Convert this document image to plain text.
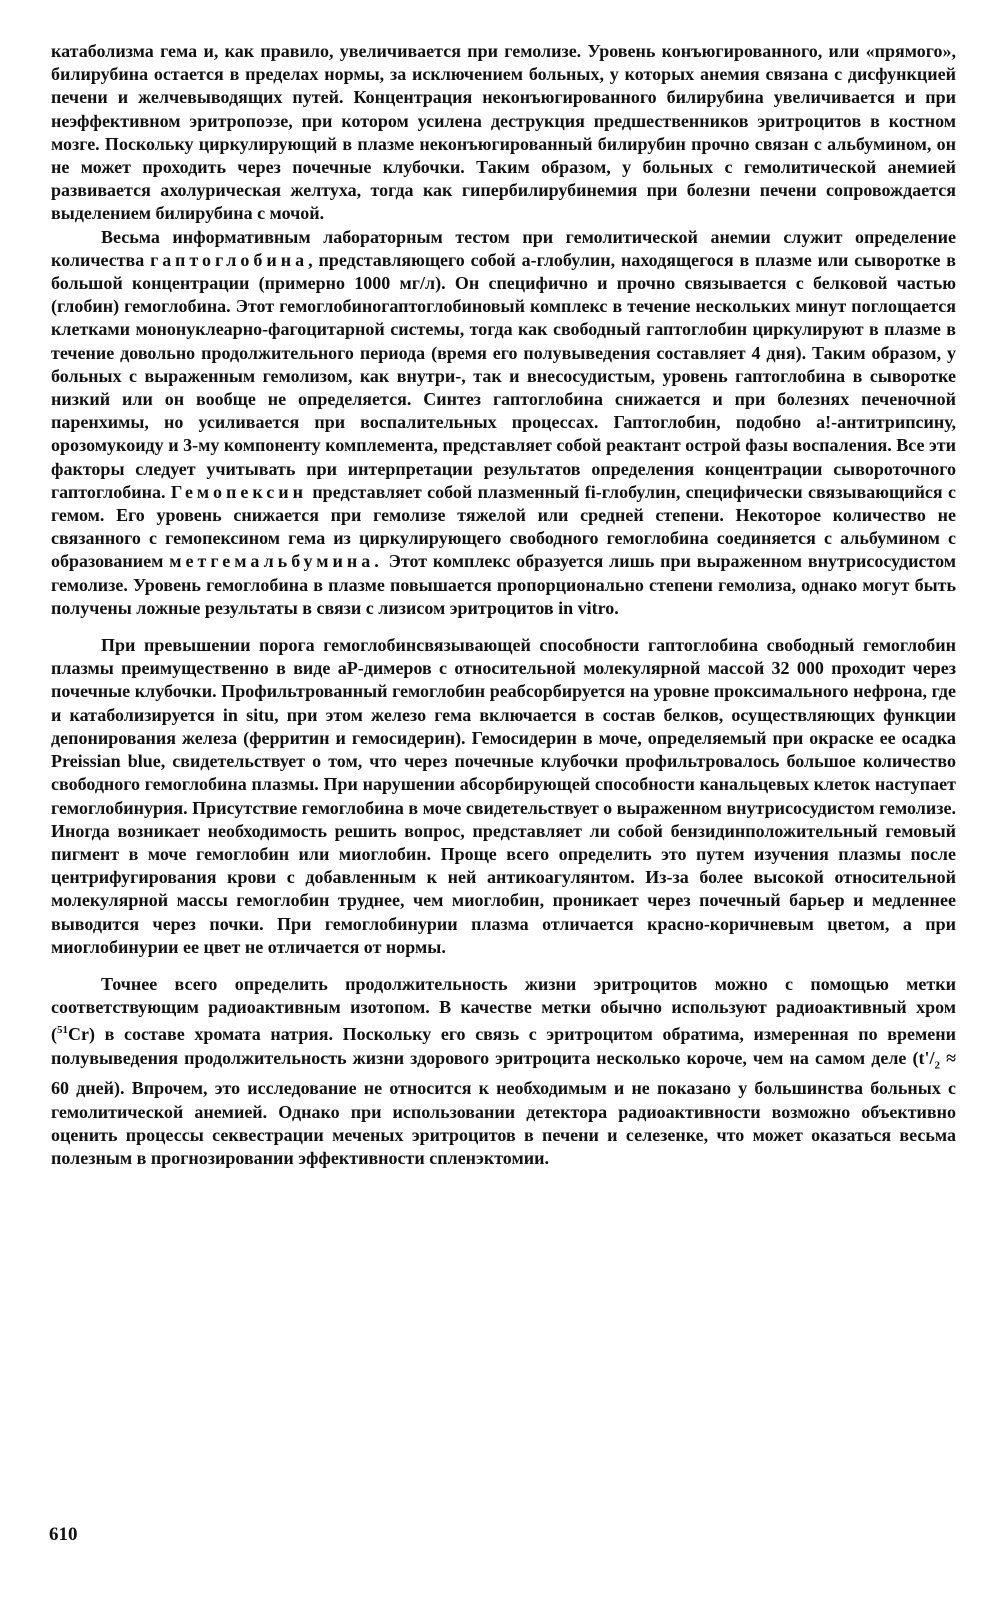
катаболизма гема и, как правило, увеличивается при гемолизе. Уровень конъюгированного, или «прямого», билирубина остается в пределах нормы, за исключением больных, у которых анемия связана с дисфункцией печени и желчевыводящих путей. Концентрация неконъюгированного билирубина увеличивается и при неэффективном эритропоэзе, при котором усилена деструкция предшественников эритроцитов в костном мозге. Поскольку циркулирующий в плазме неконъюгированный билирубин прочно связан с альбумином, он не может проходить через почечные клубочки. Таким образом, у больных с гемолитической анемией развивается ахолурическая желтуха, тогда как гипербилирубинемия при болезни печени сопровождается выделением билирубина с мочой.

Весьма информативным лабораторным тестом при гемолитической анемии служит определение количества гаптоглобина, представляющего собой a-глобулин, находящегося в плазме или сыворотке в большой концентрации (примерно 1000 мг/л). Он специфично и прочно связывается с белковой частью (глобин) гемоглобина. Этот гемоглобиногаптоглобиновый комплекс в течение нескольких минут поглощается клетками мононуклеарно-фагоцитарной системы, тогда как свободный гаптоглобин циркулируют в плазме в течение довольно продолжительного периода (время его полувыведения составляет 4 дня). Таким образом, у больных с выраженным гемолизом, как внутри-, так и внесосудистым, уровень гаптоглобина в сыворотке низкий или он вообще не определяется. Синтез гаптоглобина снижается и при болезнях печеночной паренхимы, но усиливается при воспалительных процессах. Гаптоглобин, подобно a!-антитрипсину, орозомукоиду и 3-му компоненту комплемента, представляет собой реактант острой фазы воспаления. Все эти факторы следует учитывать при интерпретации результатов определения концентрации сывороточного гаптоглобина. Гемопексин представляет собой плазменный fi-глобулин, специфически связывающийся с гемом. Его уровень снижается при гемолизе тяжелой или средней степени. Некоторое количество не связанного с гемопексином гема из циркулирующего свободного гемоглобина соединяется с альбумином с образованием метгемальбумина. Этот комплекс образуется лишь при выраженном внутрисосудистом гемолизе. Уровень гемоглобина в плазме повышается пропорционально степени гемолиза, однако могут быть получены ложные результаты в связи с лизисом эритроцитов in vitro.

При превышении порога гемоглобинсвязывающей способности гаптоглобина свободный гемоглобин плазмы преимущественно в виде aP-димеров с относительной молекулярной массой 32 000 проходит через почечные клубочки. Профильтрованный гемоглобин реабсорбируется на уровне проксимального нефрона, где и катаболизируется in situ, при этом железо гема включается в состав белков, осуществляющих функции депонирования железа (ферритин и гемосидерин). Гемосидерин в моче, определяемый при окраске ее осадка Preissian blue, свидетельствует о том, что через почечные клубочки профильтровалось большое количество свободного гемоглобина плазмы. При нарушении абсорбирующей способности канальцевых клеток наступает гемоглобинурия. Присутствие гемоглобина в моче свидетельствует о выраженном внутрисосудистом гемолизе. Иногда возникает необходимость решить вопрос, представляет ли собой бензидинположительный гемовый пигмент в моче гемоглобин или миоглобин. Проще всего определить это путем изучения плазмы после центрифугирования крови с добавленным к ней антикоагулянтом. Из-за более высокой относительной молекулярной массы гемоглобин труднее, чем миоглобин, проникает через почечный барьер и медленнее выводится через почки. При гемоглобинурии плазма отличается красно-коричневым цветом, а при миоглобинурии ее цвет не отличается от нормы.

Точнее всего определить продолжительность жизни эритроцитов можно с помощью метки соответствующим радиоактивным изотопом. В качестве метки обычно используют радиоактивный хром ($^{51}$Cr) в составе хромата натрия. Поскольку его связь с эритроцитом обратима, измеренная по времени полувыведения продолжительность жизни здорового эритроцита несколько короче, чем на самом деле ($t'/_2 \approx 60$ дней). Впрочем, это исследование не относится к необходимым и не показано у большинства больных с гемолитической анемией. Однако при использовании детектора радиоактивности возможно объективно оценить процессы секвестрации меченых эритроцитов в печени и селезенке, что может оказаться весьма полезным в прогнозировании эффективности спленэктомии.

610
